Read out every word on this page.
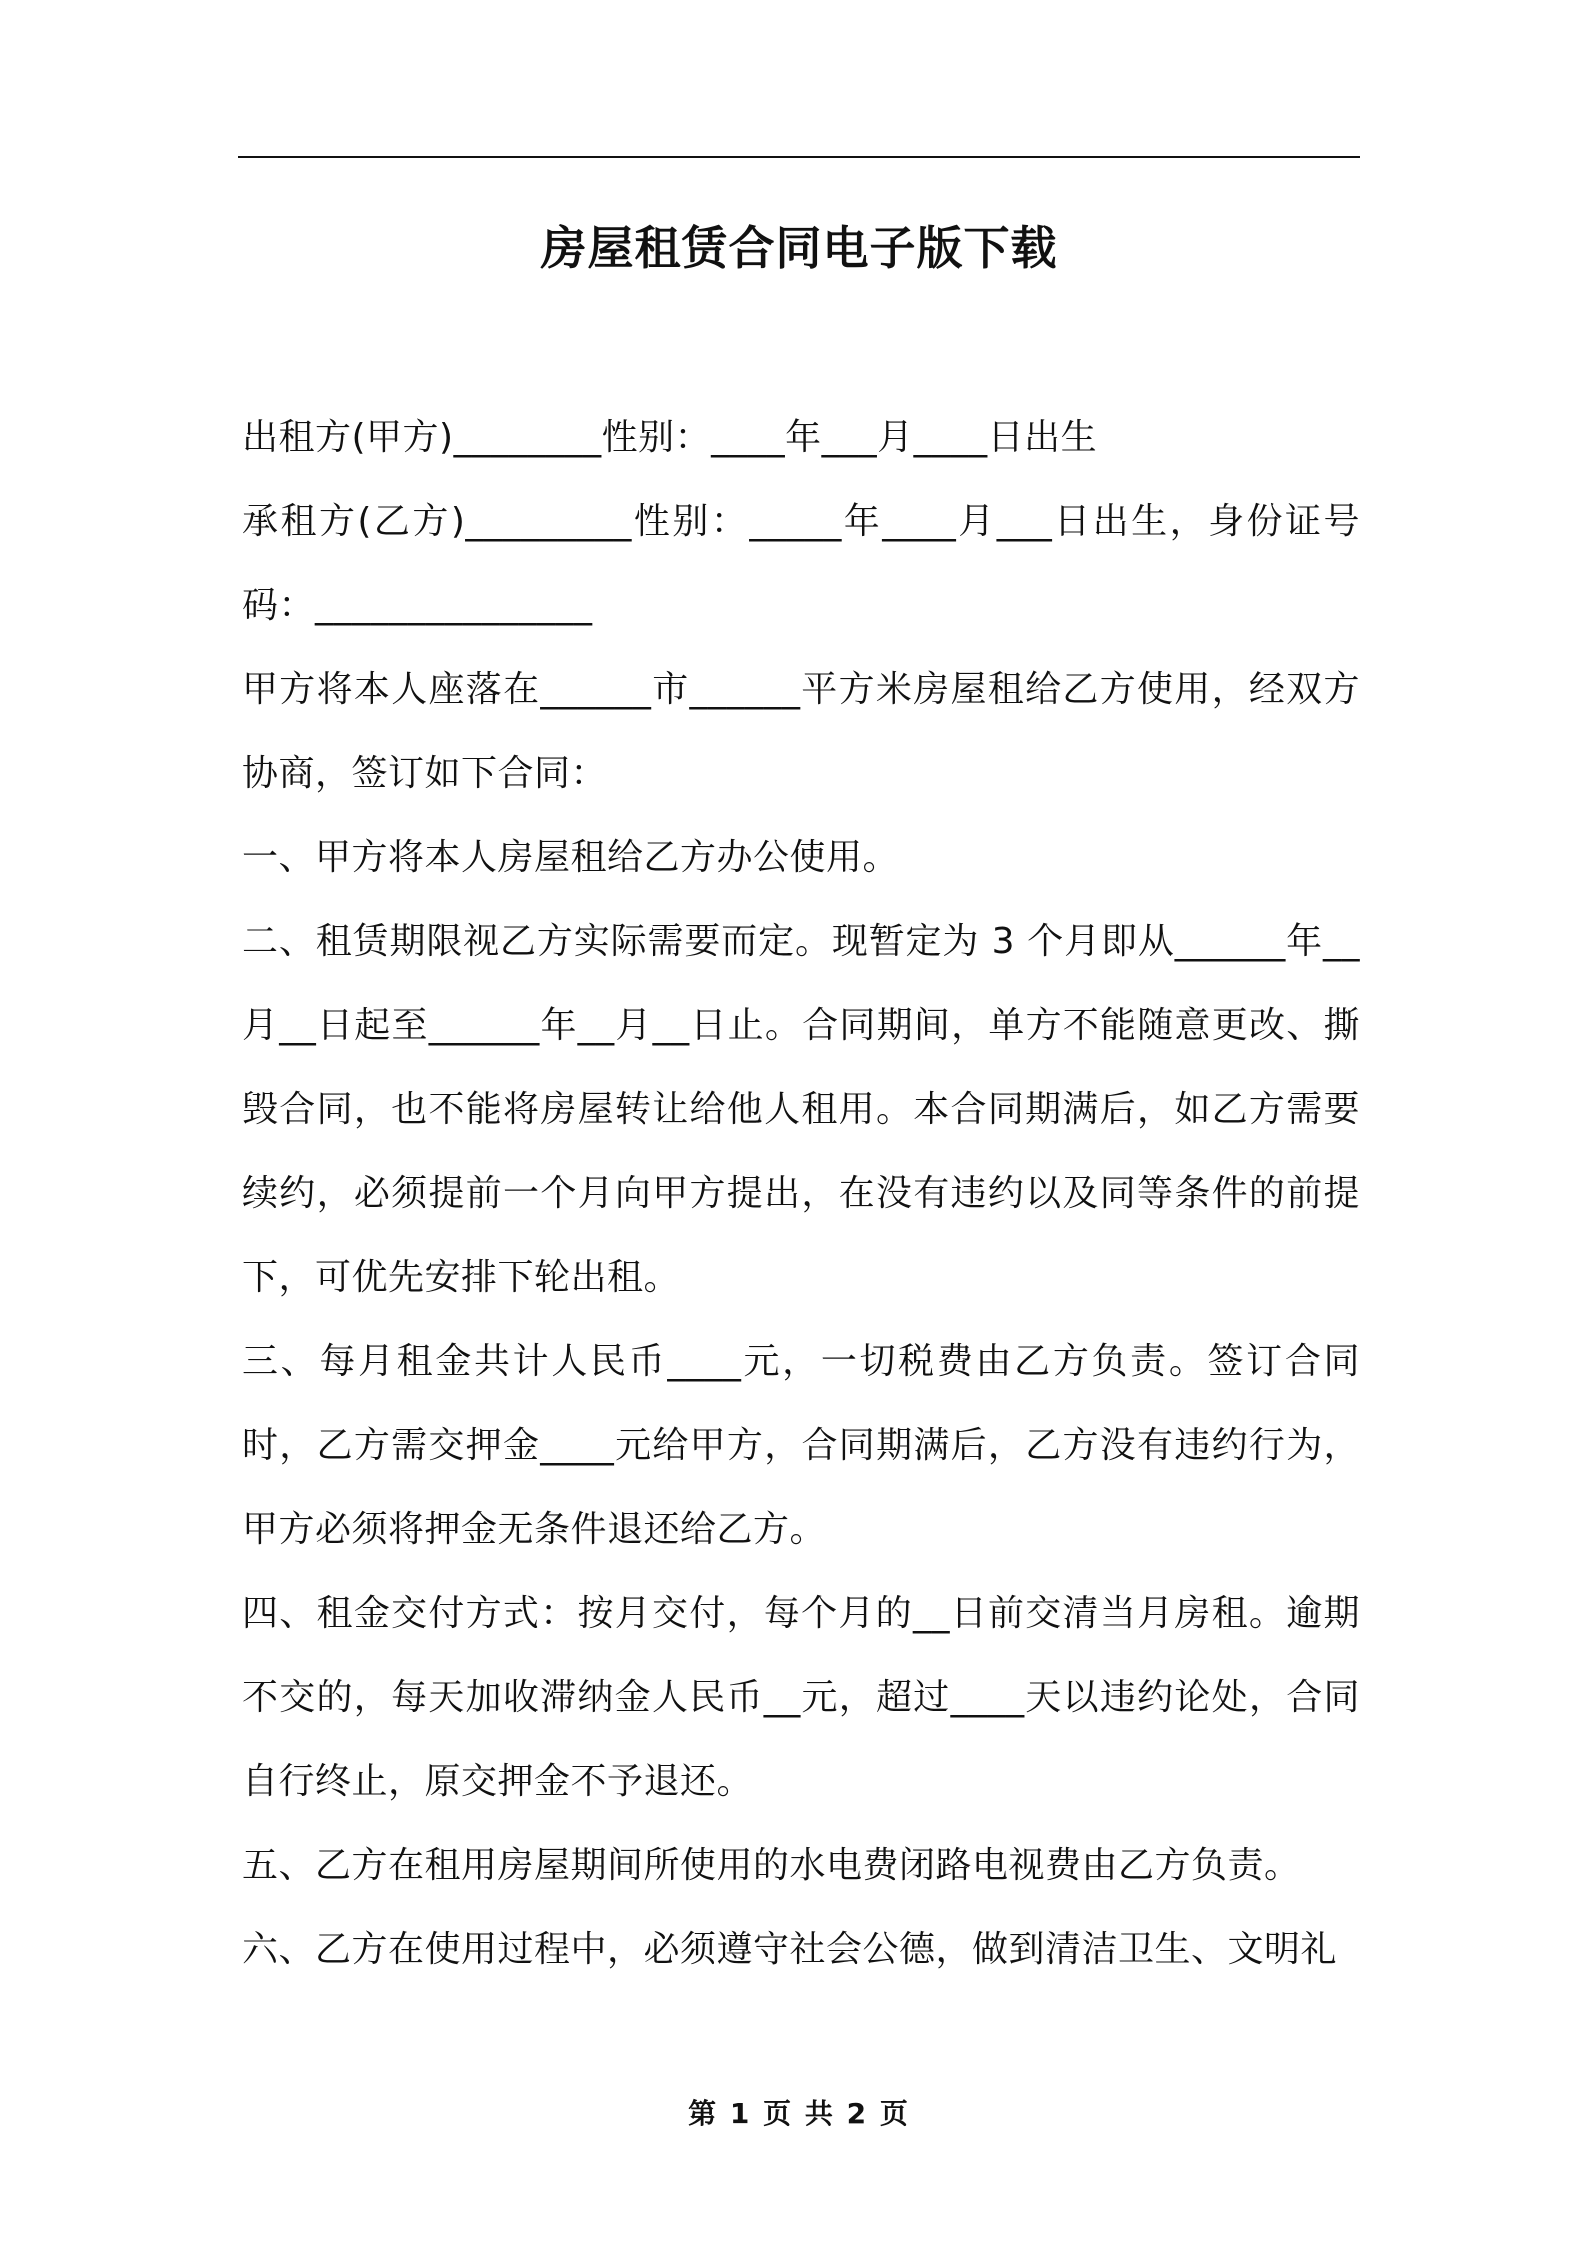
房屋租赁合同电子版下载

出租方(甲方)________性别：____年___月____日出生

承租方(乙方)_________性别：_____年____月___日出生，身份证号码：_______________

甲方将本人座落在______市______平方米房屋租给乙方使用，经双方协商，签订如下合同：

一、甲方将本人房屋租给乙方办公使用。

二、租赁期限视乙方实际需要而定。现暂定为 3 个月即从______年__月__日起至______年__月__日止。合同期间，单方不能随意更改、撕毁合同，也不能将房屋转让给他人租用。本合同期满后，如乙方需要续约，必须提前一个月向甲方提出，在没有违约以及同等条件的前提下，可优先安排下轮出租。

三、每月租金共计人民币____元，一切税费由乙方负责。签订合同时，乙方需交押金____元给甲方，合同期满后，乙方没有违约行为，甲方必须将押金无条件退还给乙方。

四、租金交付方式：按月交付，每个月的__日前交清当月房租。逾期不交的，每天加收滞纳金人民币__元，超过____天以违约论处，合同自行终止，原交押金不予退还。

五、乙方在租用房屋期间所使用的水电费闭路电视费由乙方负责。

六、乙方在使用过程中，必须遵守社会公德，做到清洁卫生、文明礼

第 1 页 共 2 页
